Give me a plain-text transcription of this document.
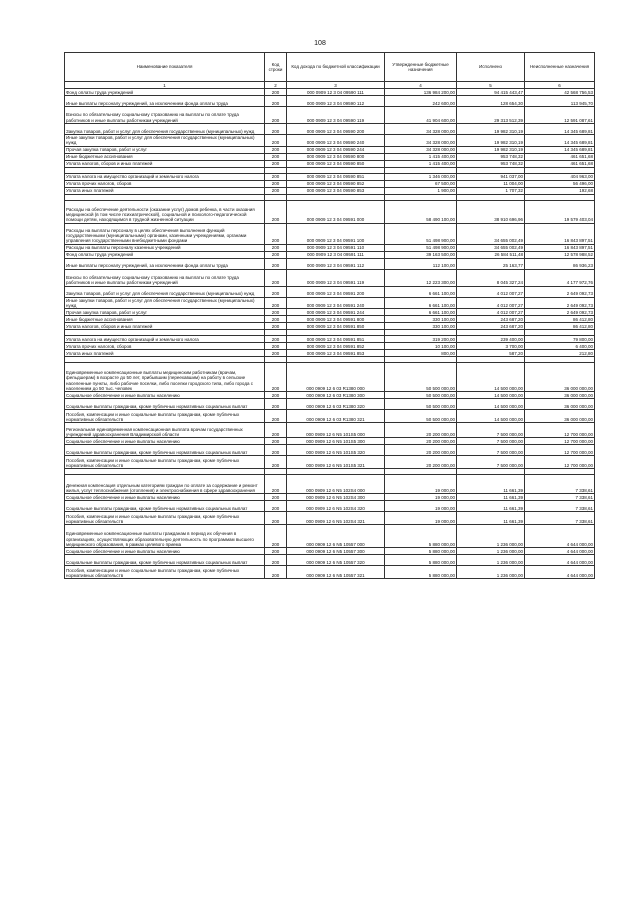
108
Наименование показателя	Код строки	Код дохода по бюджетной классификации	Утвержденные бюджетные назначения	Исполнено	Неисполненные назначения
1	2	3	4	5	6
Фонд оплаты труда учреждений	200	000 0909 12 3 04 09590 111	136 984 200,00	94 415 443,47	42 568 756,53
Иные выплаты персоналу учреждений, за исключением фонда оплаты труда	200	000 0909 12 3 04 09590 112	242 600,00	128 654,30	113 945,70
Взносы по обязательному социальному страхованию на выплаты по оплате труда работников и иные выплаты работникам учреждений	200	000 0909 12 3 04 09590 119	41 904 600,00	29 313 512,39	12 591 087,61
Закупка товаров, работ и услуг для обеспечения государственных (муниципальных) нужд	200	000 0909 12 3 04 09590 200	34 328 000,00	19 982 310,19	14 345 689,81
Иные закупки товаров, работ и услуг для обеспечения государственных (муниципальных) нужд	200	000 0909 12 3 04 09590 240	34 328 000,00	19 982 310,19	14 345 689,81
Прочая закупка товаров, работ и услуг	200	000 0909 12 3 04 09590 244	34 328 000,00	19 982 310,19	14 345 689,81
Иные бюджетные ассигнования	200	000 0909 12 3 04 09590 800	1 415 400,00	953 748,32	461 651,68
Уплата налогов, сборов и иных платежей	200	000 0909 12 3 04 09590 850	1 415 400,00	953 748,32	461 651,68

Уплата налога на имущество организаций и земельного налога	200	000 0909 12 3 04 09590 851	1 346 000,00	941 037,00	404 963,00
Уплата прочих налогов, сборов	200	000 0909 12 3 04 09590 852	67 500,00	11 004,00	56 496,00
Уплата иных платежей	200	000 0909 12 3 04 09590 853	1 900,00	1 707,32	192,68

Расходы на обеспечение деятельности (оказание услуг) домов ребенка, в части оказания медицинской (в том числе психиатрической), социальной и психолого-педагогической помощи детям, находящимся в трудной жизненной ситуации	200	000 0909 12 3 04 09591 000	58 490 100,00	38 910 696,96	19 579 403,04
Расходы на выплаты персоналу в целях обеспечения выполнения функций государственными (муниципальными) органами, казенными учреждениями, органами управления государственными внебюджетными фондами	200	000 0909 12 3 04 09591 100	51 498 900,00	34 655 002,49	16 843 897,51
Расходы на выплаты персоналу казенных учреждений	200	000 0909 12 3 04 09591 110	51 498 900,00	34 655 002,49	16 843 897,51
Фонд оплаты труда учреждений	200	000 0909 12 3 04 09591 111	39 163 500,00	26 584 511,48	12 578 988,52
Иные выплаты персоналу учреждений, за исключением фонда оплаты труда	200	000 0909 12 3 04 09591 112	112 100,00	25 163,77	86 936,23
Взносы по обязательному социальному страхованию на выплаты по оплате труда работников и иные выплаты работникам учреждений	200	000 0909 12 3 04 09591 119	12 223 300,00	8 045 327,24	4 177 972,76
Закупка товаров, работ и услуг для обеспечения государственных (муниципальных) нужд	200	000 0909 12 3 04 09591 200	6 661 100,00	4 012 007,27	2 649 092,73
Иные закупки товаров, работ и услуг для обеспечения государственных (муниципальных) нужд	200	000 0909 12 3 04 09591 240	6 661 100,00	4 012 007,27	2 649 092,73
Прочая закупка товаров, работ и услуг	200	000 0909 12 3 04 09591 244	6 661 100,00	4 012 007,27	2 649 092,73
Иные бюджетные ассигнования	200	000 0909 12 3 04 09591 800	330 100,00	243 687,20	86 412,80
Уплата налогов, сборов и иных платежей	200	000 0909 12 3 04 09591 850	330 100,00	243 687,20	86 412,80

Уплата налога на имущество организаций и земельного налога	200	000 0909 12 3 04 09591 851	319 200,00	239 400,00	79 800,00
Уплата прочих налогов, сборов	200	000 0909 12 3 04 09591 852	10 100,00	3 700,00	6 400,00
Уплата иных платежей	200	000 0909 12 3 04 09591 853	800,00	587,20	212,80

Единовременные компенсационные выплаты медицинским работникам (врачам, фельдшерам) в возрасте до 50 лет, прибывшим (переехавшим) на работу в сельские населенные пункты, либо рабочие поселки, либо поселки городского типа, либо города с населением до 50 тыс. человек	200	000 0909 12 6 03 R1380 000	50 500 000,00	14 500 000,00	36 000 000,00
Социальное обеспечение и иные выплаты населению	200	000 0909 12 6 03 R1380 300	50 500 000,00	14 500 000,00	36 000 000,00
Социальные выплаты гражданам, кроме публичных нормативных социальных выплат	200	000 0909 12 6 03 R1380 320	50 500 000,00	14 500 000,00	36 000 000,00
Пособия, компенсации и иные социальные выплаты гражданам, кроме публичных нормативных обязательств	200	000 0909 12 6 03 R1380 321	50 500 000,00	14 500 000,00	36 000 000,00
Региональная единовременная компенсационная выплата врачам государственных учреждений здравоохранения Владимирской области	200	000 0909 12 6 N5 101S5 000	20 200 000,00	7 500 000,00	12 700 000,00
Социальное обеспечение и иные выплаты населению	200	000 0909 12 6 N5 101S5 300	20 200 000,00	7 500 000,00	12 700 000,00
Социальные выплаты гражданам, кроме публичных нормативных социальных выплат	200	000 0909 12 6 N5 101S5 320	20 200 000,00	7 500 000,00	12 700 000,00
Пособия, компенсации и иные социальные выплаты гражданам, кроме публичных нормативных обязательств	200	000 0909 12 6 N5 101S5 321	20 200 000,00	7 500 000,00	12 700 000,00

Денежная компенсация отдельным категориям граждан по оплате за содержание и ремонт жилья, услуг теплоснабжения (отопления) и электроснабжения в сфере здравоохранения	200	000 0909 12 6 N5 102S4 000	19 000,00	11 661,39	7 338,61
Социальное обеспечение и иные выплаты населению	200	000 0909 12 6 N5 102S4 300	19 000,00	11 661,39	7 338,61
Социальные выплаты гражданам, кроме публичных нормативных социальных выплат	200	000 0909 12 6 N5 102S4 320	19 000,00	11 661,39	7 338,61
Пособия, компенсации и иные социальные выплаты гражданам, кроме публичных нормативных обязательств	200	000 0909 12 6 N5 102S4 321	19 000,00	11 661,39	7 338,61
Единовременные компенсационные выплаты гражданам в период их обучения в организациях, осуществляющих образовательную деятельность по программам высшего медицинского образования, в рамках целевого приема	200	000 0909 12 6 N5 10557 000	5 880 000,00	1 236 000,00	4 644 000,00
Социальное обеспечение и иные выплаты населению	200	000 0909 12 6 N5 10557 300	5 880 000,00	1 236 000,00	4 644 000,00
Социальные выплаты гражданам, кроме публичных нормативных социальных выплат	200	000 0909 12 6 N5 10557 320	5 880 000,00	1 236 000,00	4 644 000,00
Пособия, компенсации и иные социальные выплаты гражданам, кроме публичных нормативных обязательств	200	000 0909 12 6 N5 10557 321	5 880 000,00	1 236 000,00	4 644 000,00
